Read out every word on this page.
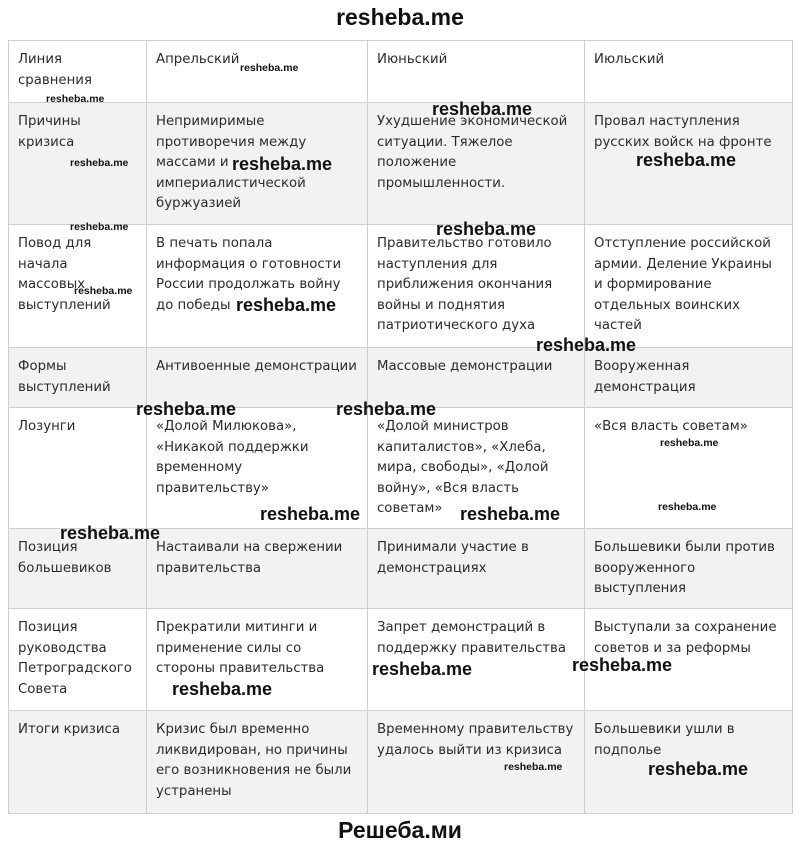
resheba.me
Линия сравнения	Апрельский	Июньский	Июльский
Причины кризиса	Непримиримые противоречия между массами и империалистической буржуазией	Ухудшение экономической ситуации. Тяжелое положение промышленности.	Провал наступления русских войск на фронте
Повод для начала массовых выступлений	В печать попала информация о готовности России продолжать войну до победы	Правительство готовило наступления для приближения окончания войны и поднятия патриотического духа	Отступление российской армии. Деление Украины и формирование отдельных воинских частей
Формы выступлений	Антивоенные демонстрации	Массовые демонстрации	Вооруженная демонстрация
Лозунги	«Долой Милюкова», «Никакой поддержки временному правительству»	«Долой министров капиталистов», «Хлеба, мира, свободы», «Долой войну», «Вся власть советам»	«Вся власть советам»
Позиция большевиков	Настаивали на свержении правительства	Принимали участие в демонстрациях	Большевики были против вооруженного выступления
Позиция руководства Петроградского Совета	Прекратили митинги и применение силы со стороны правительства	Запрет демонстраций в поддержку правительства	Выступали за сохранение советов и за реформы
Итоги кризиса	Кризис был временно ликвидирован, но причины его возникновения не были устранены	Временному правительству удалось выйти из кризиса	Большевики ушли в подполье
resheba.me
resheba.me	resheba.me
resheba.me
resheba.me	resheba.me
resheba.me	resheba.me
resheba.me
resheba.me
resheba.me
resheba.me	resheba.me
resheba.me
resheba.me
resheba.me	resheba.me
resheba.me
resheba.me
resheba.me
resheba.me
resheba.me	resheba.me
Решеба.ми
